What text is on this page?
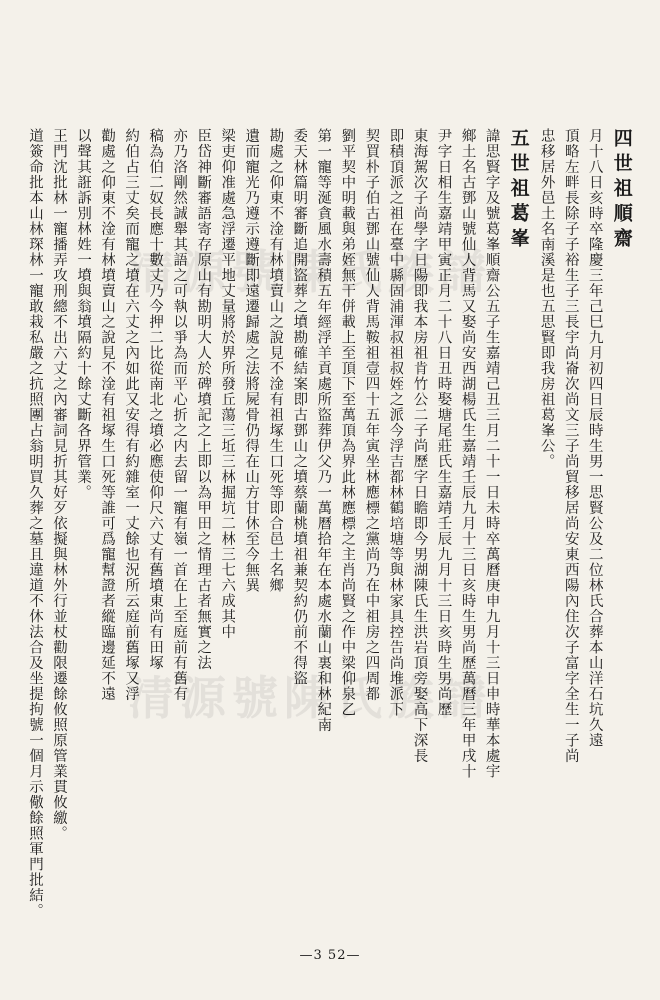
清源號陳氏族譜
清源號陳氏族譜
四世祖順齋
月十八日亥時卒隆慶三年己巳九月初四日辰時生男一思賢公及二位林氏合葬本山洋石坑久遠
頂略左畔長除子子裕生子三長宇尚崙次尚文三子尚貿移居尚安東西陽內住次子富字全生一子尚
忠移居外邑土名南溪是也五思賢即我房祖葛峯公。
五世祖葛峯
諱思賢字及號葛峯順齋公五子生嘉靖己丑三月二十一日未時卒萬曆庚申九月十三日申時華本處宇
鄉土名古鄧山號仙人背馬又娶尚安西湖楊氏生嘉靖壬辰九月十三日亥時生男尚歷萬曆三年甲戌十
尹字日相生嘉靖甲寅正月二十八日丑時娶塘尾莊氏生嘉靖壬辰九月十三日亥時生男尚歷
東海駕次子尚學字日陽即我本房祖肯竹公二子尚歷字日瞻即今男湖陳氏生洪岩頂旁娶高下深長
即積頂派之祖在臺中縣固浦渾叔祖叔姪之派今浮吉都林鶴培塘等與林家具控告尚堆派下
契買朴子伯古鄧山號仙人背馬鞍祖壹四十五年寅坐林應標之黨尚乃在中祖房之四周都
劉平契中明載與弟姪無干併載上至頂下至萬頂為界此林應標之主肖尚賢之作中梁仰泉乙
第一寵等涎貪風水壽積五年經浮羊貢處所盜葬伊父乃一萬曆拾年在本處水蘭山裏和林紀南
委天林篇明審斷追開盜葬之墳勘確結案即古鄧山之墳蔡蘭桃墳祖兼契約仍前不得盜
勘處之仰東不淦有林墳賣山之說見不淦有祖塚生口死等即合邑土名鄉
遺而寵光乃遵示遵斷即遠遷歸處之法將屍骨仍得在山方甘休至今無異
梁吏仰准處急浮遷平地丈量將於界所發丘蕩三坵三林掘坑二林三七六成其中
臣岱神斷審語寄存原山有勘明大人於碑墳記之上即以為甲田之情理古者無實之法
亦乃洛剛然誠舉其語之可執以爭為而平心折之内去留一寵有嶺一首在上至庭前有舊有
稿為伯二奴長應十數丈乃今押二比從南北之墳必應使仰尺六丈有舊墳東尚有田塚
約伯占三丈矣而寵之墳在六丈之內如此又安得有約雜室一丈餘也況所云庭前舊塚又浮
勸處之仰東不淦有林墳賣山之說見不淦有祖塚生口死等誰可爲寵幫證者縱臨邊延不遠
以聲其誑訴別林姓一墳與翁墳隔約十餘丈斷各界管業。
王門沈批林一寵播弄攻刑總不出六丈之內審詞見折其好歹依擬與林外行並杖勸限遷餘攸照原管業貫攸繳。
道簽命批本山林琛林一寵敢栽私嚴之抗照團占翁明買久葬之墓且違道不休法合及坐提拘號一個月示儆餘照軍門批結。
—3 52—
